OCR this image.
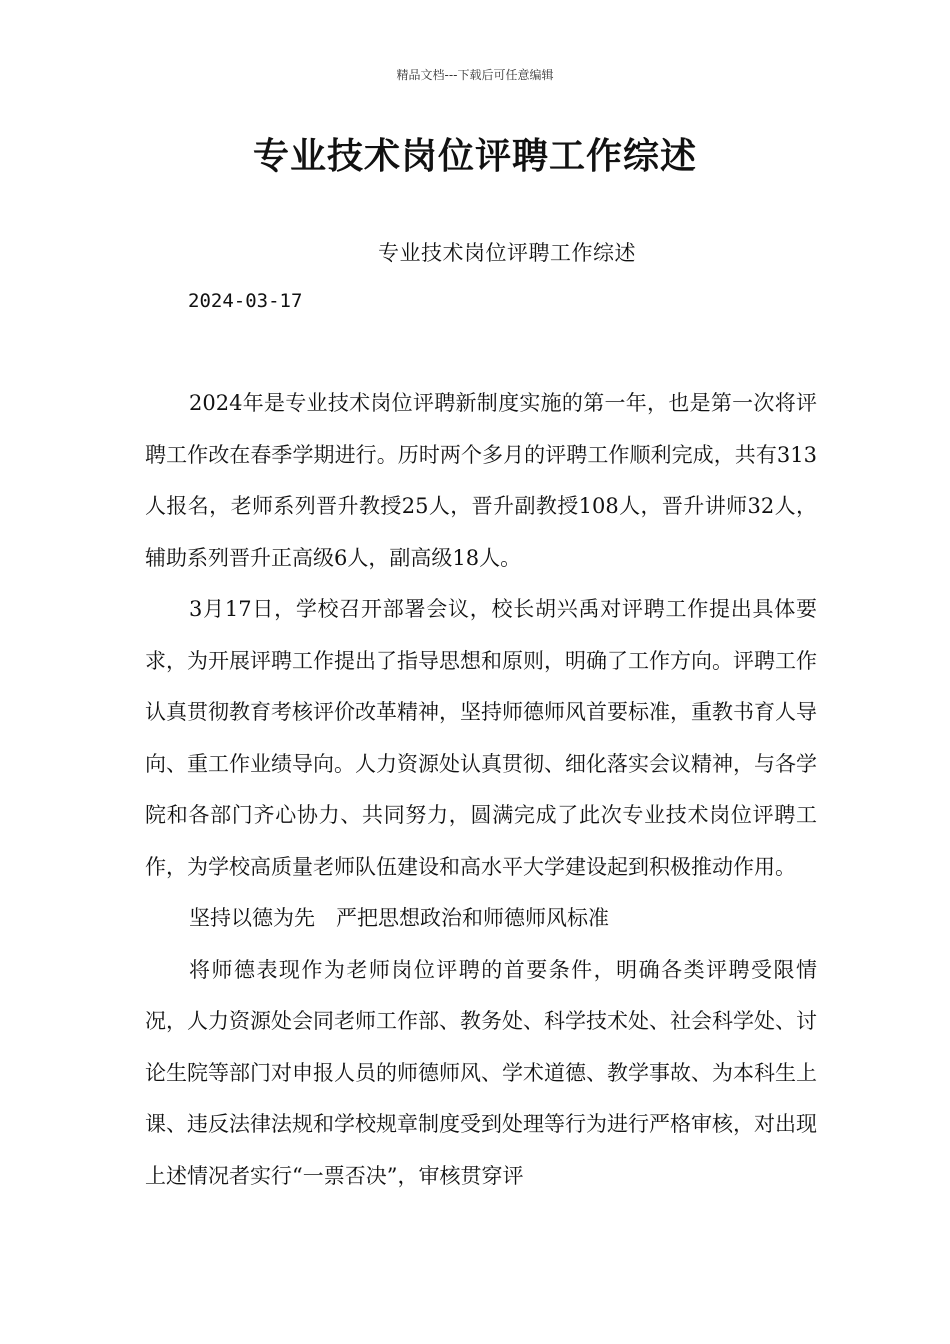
精品文档---下载后可任意编辑
专业技术岗位评聘工作综述
专业技术岗位评聘工作综述
2024-03-17

2024年是专业技术岗位评聘新制度实施的第一年，也是第一次将评聘工作改在春季学期进行。历时两个多月的评聘工作顺利完成，共有313人报名，老师系列晋升教授25人，晋升副教授108人，晋升讲师32人，辅助系列晋升正高级6人，副高级18人。

3月17日，学校召开部署会议，校长胡兴禹对评聘工作提出具体要求，为开展评聘工作提出了指导思想和原则，明确了工作方向。评聘工作认真贯彻教育考核评价改革精神，坚持师德师风首要标准，重教书育人导向、重工作业绩导向。人力资源处认真贯彻、细化落实会议精神，与各学院和各部门齐心协力、共同努力，圆满完成了此次专业技术岗位评聘工作，为学校高质量老师队伍建设和高水平大学建设起到积极推动作用。

坚持以德为先　严把思想政治和师德师风标准

将师德表现作为老师岗位评聘的首要条件，明确各类评聘受限情况，人力资源处会同老师工作部、教务处、科学技术处、社会科学处、讨论生院等部门对申报人员的师德师风、学术道德、教学事故、为本科生上课、违反法律法规和学校规章制度受到处理等行为进行严格审核，对出现上述情况者实行“一票否决”，审核贯穿评
